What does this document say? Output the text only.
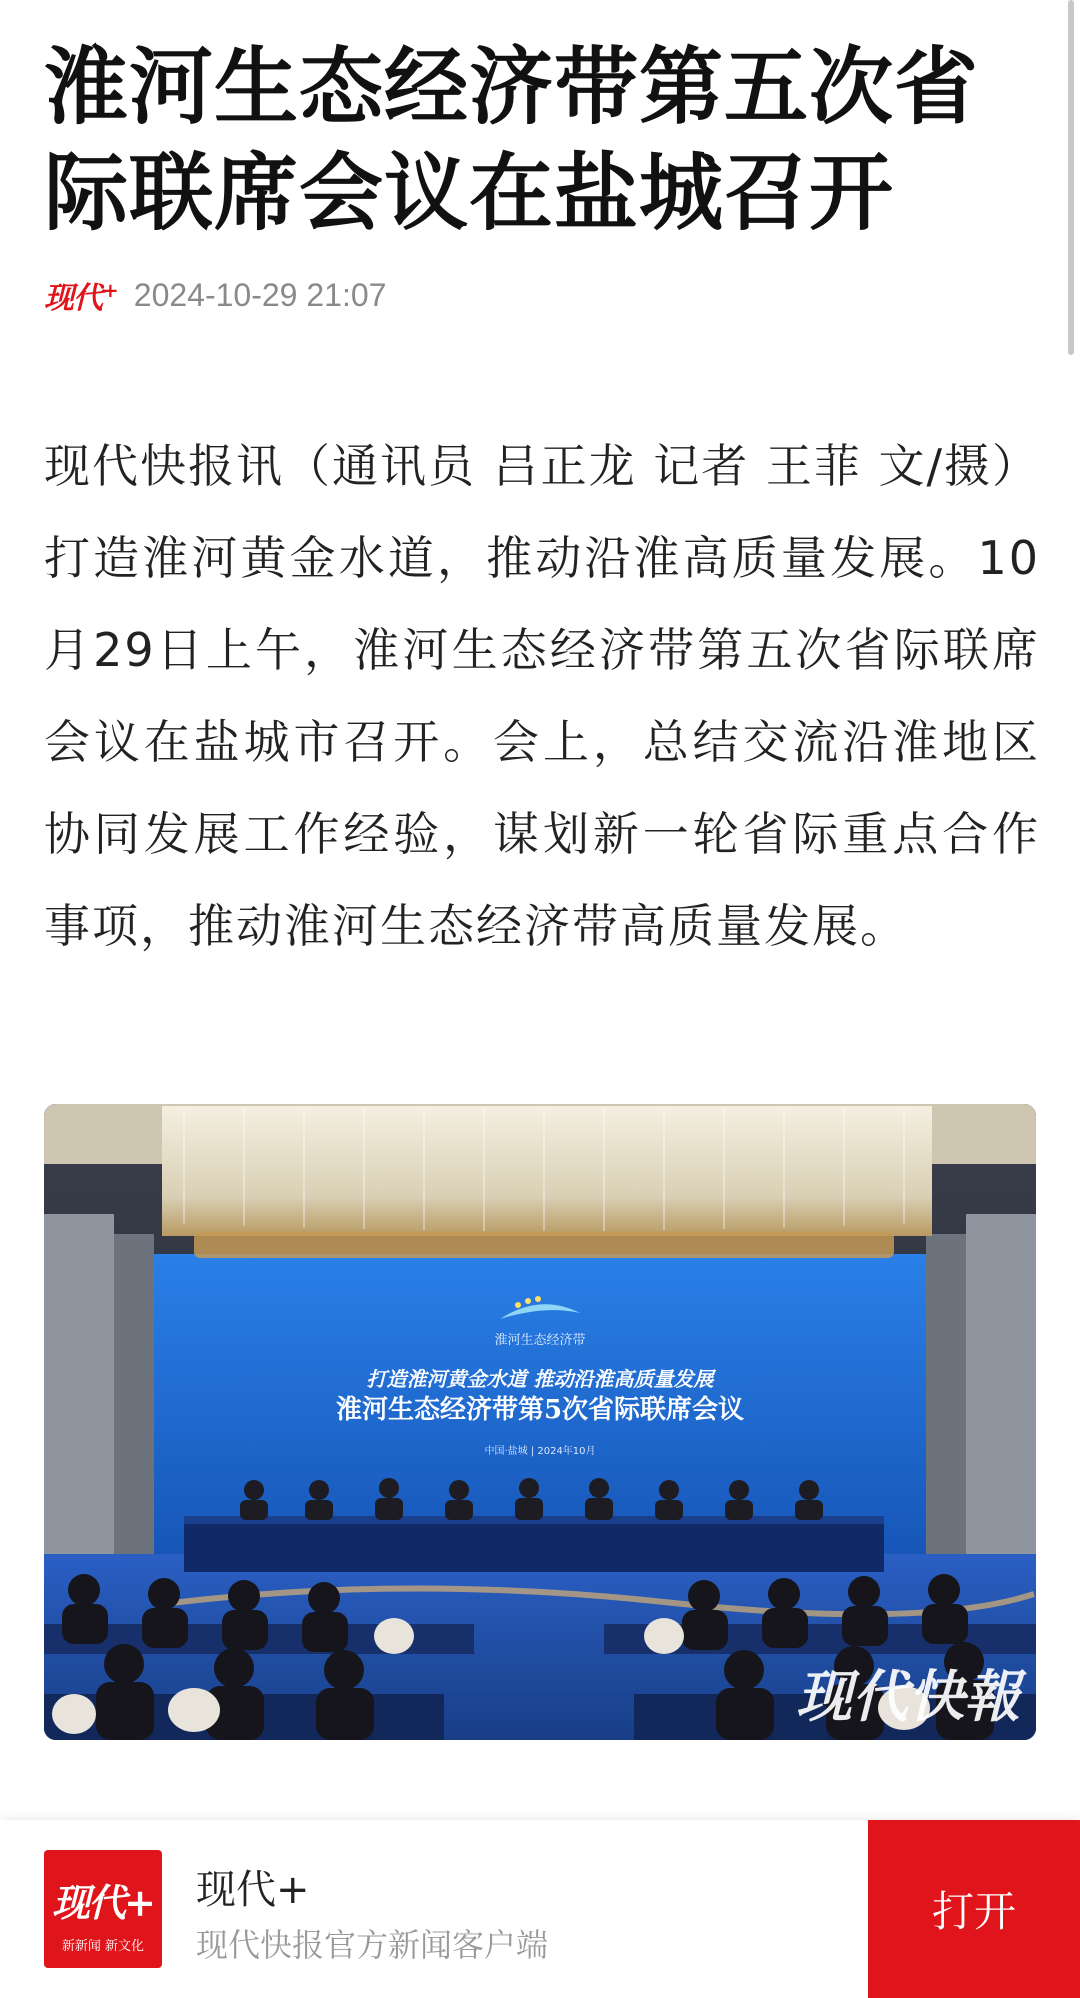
淮河生态经济带第五次省际联席会议在盐城召开
现代+ 2024-10-29 21:07

现代快报讯（通讯员 吕正龙 记者 王菲 文/摄）打造淮河黄金水道，推动沿淮高质量发展。10月29日上午，淮河生态经济带第五次省际联席会议在盐城市召开。会上，总结交流沿淮地区协同发展工作经验，谋划新一轮省际重点合作事项，推动淮河生态经济带高质量发展。

淮河生态经济带
打造淮河黄金水道 推动沿淮高质量发展
淮河生态经济带第5次省际联席会议
中国·盐城 | 2024年10月
现代快報
现代+
新新闻 新文化
现代+
现代快报官方新闻客户端
打开
